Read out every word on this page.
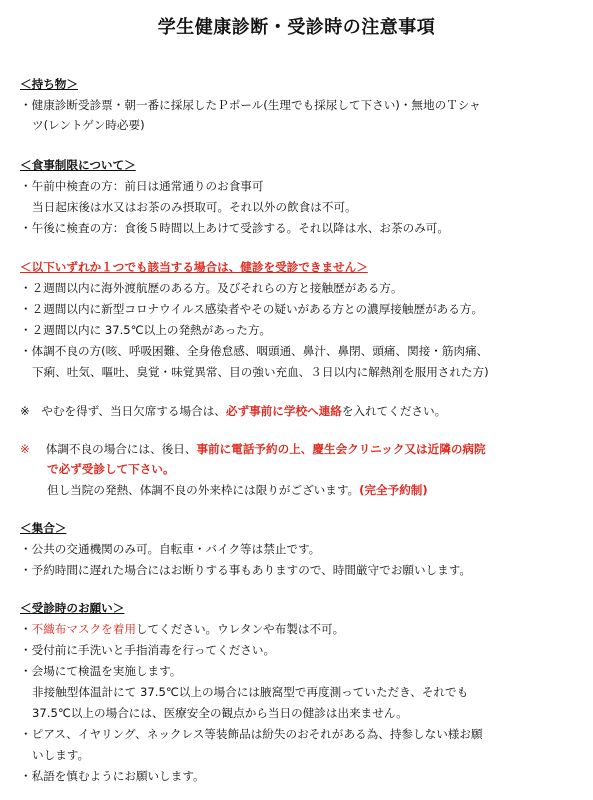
学生健康診断・受診時の注意事項
＜持ち物＞
・健康診断受診票・朝一番に採尿したＰポール(生理でも採尿して下さい)・無地のＴシャ
ツ(レントゲン時必要)
＜食事制限について＞
・午前中検査の方：前日は通常通りのお食事可
当日起床後は水又はお茶のみ摂取可。それ以外の飲食は不可。
・午後に検査の方：食後５時間以上あけて受診する。それ以降は水、お茶のみ可。
＜以下いずれか１つでも該当する場合は、健診を受診できません＞
・２週間以内に海外渡航歴のある方。及びそれらの方と接触歴がある方。
・２週間以内に新型コロナウイルス感染者やその疑いがある方との濃厚接触歴がある方。
・２週間以内に 37.5℃以上の発熱があった方。
・体調不良の方(咳、呼吸困難、全身倦怠感、咽頭通、鼻汁、鼻閉、頭痛、関接・筋肉痛、
下痢、吐気、嘔吐、臭覚・味覚異常、目の強い充血、３日以内に解熱剤を服用された方)
※　やむを得ず、当日欠席する場合は、必ず事前に学校へ連絡を入れてください。
※ 体調不良の場合には、後日、事前に電話予約の上、慶生会クリニック又は近隣の病院
で必ず受診して下さい。
但し当院の発熱、体調不良の外来枠には限りがございます。(完全予約制)
＜集合＞
・公共の交通機関のみ可。自転車・バイク等は禁止です。
・予約時間に遅れた場合にはお断りする事もありますので、時間厳守でお願いします。
＜受診時のお願い＞
・不織布マスクを着用してください。ウレタンや布製は不可。
・受付前に手洗いと手指消毒を行ってください。
・会場にて検温を実施します。
非接触型体温計にて 37.5℃以上の場合には腋窩型で再度測っていただき、それでも
37.5℃以上の場合には、医療安全の観点から当日の健診は出来ません。
・ピアス、イヤリング、ネックレス等装飾品は紛失のおそれがある為、持参しない様お願
いします。
・私語を慎むようにお願いします。
